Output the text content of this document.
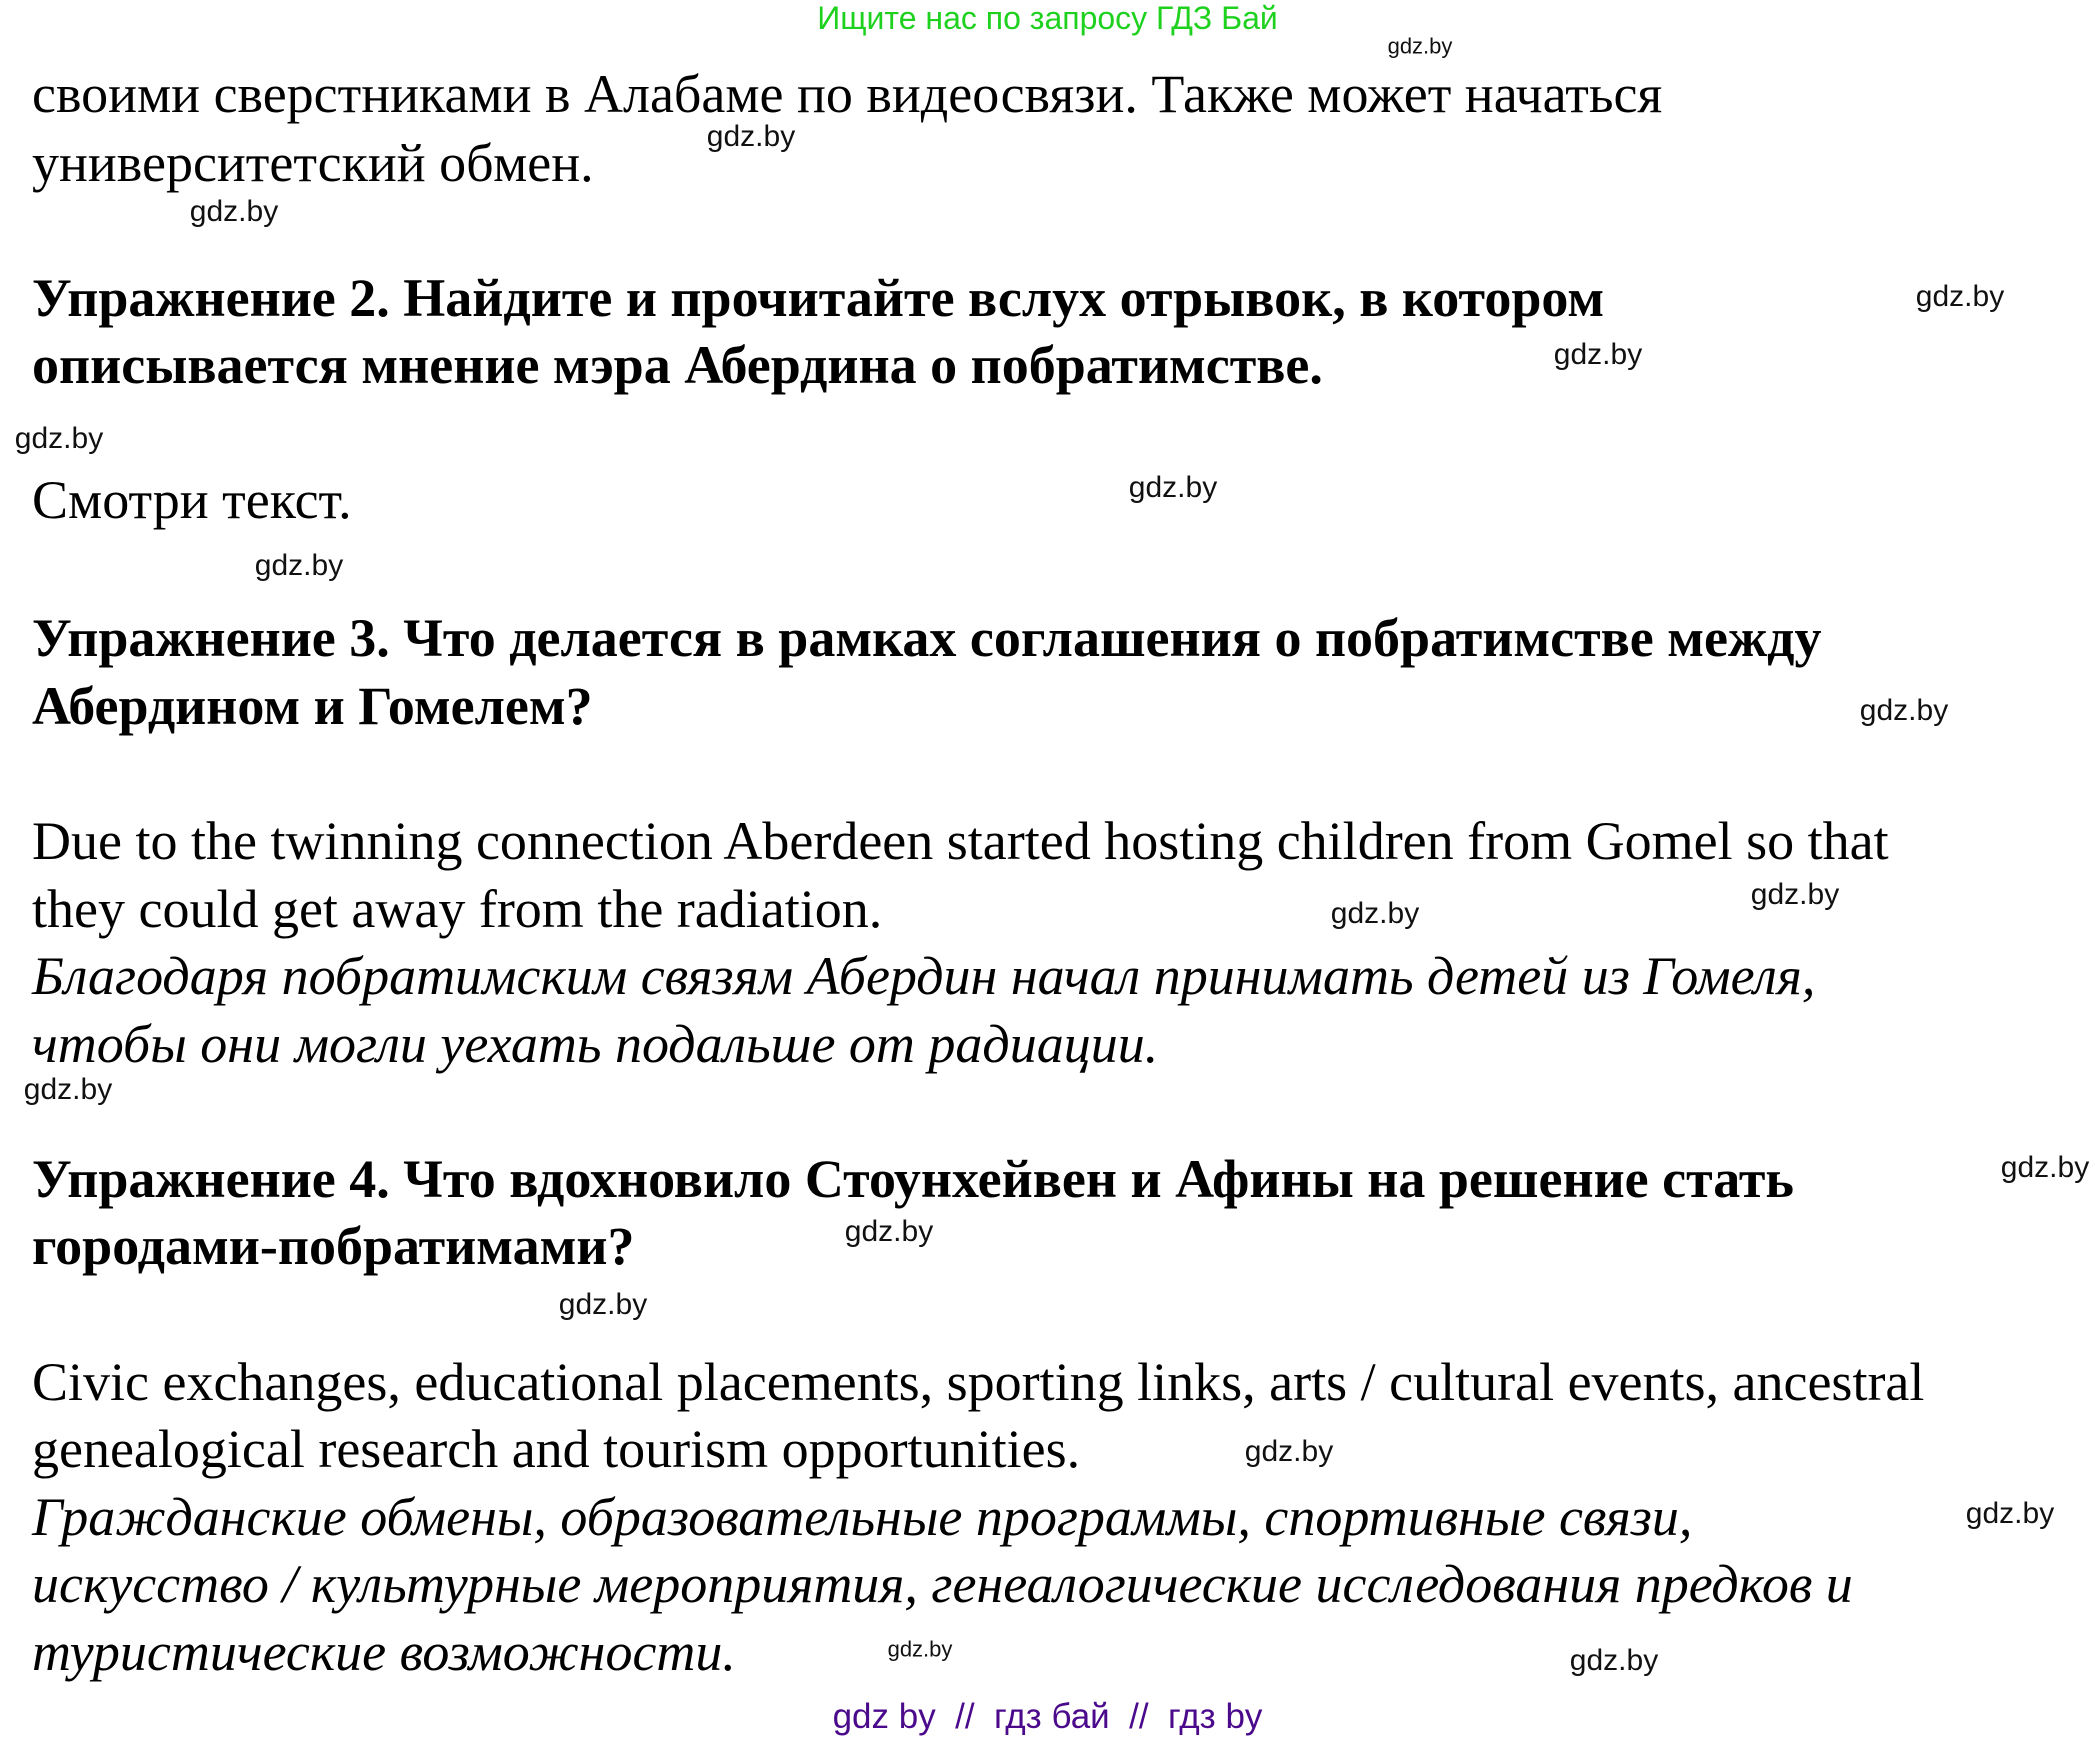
Ищите нас по запросу ГДЗ Бай
своими сверстниками в Алабаме по видеосвязи. Также может начаться
университетский обмен.
Упражнение 2. Найдите и прочитайте вслух отрывок, в котором
описывается мнение мэра Абердина о побратимстве.
Смотри текст.
Упражнение 3. Что делается в рамках соглашения о побратимстве между
Абердином и Гомелем?
Due to the twinning connection Aberdeen started hosting children from Gomel so that
they could get away from the radiation.
Благодаря побратимским связям Абердин начал принимать детей из Гомеля,
чтобы они могли уехать подальше от радиации.
Упражнение 4. Что вдохновило Стоунхейвен и Афины на решение стать
городами-побратимами?
Civic exchanges, educational placements, sporting links, arts / cultural events, ancestral
genealogical research and tourism opportunities.
Гражданские обмены, образовательные программы, спортивные связи,
искусство / культурные мероприятия, генеалогические исследования предков и
туристические возможности.
gdz.by
gdz.by
gdz.by
gdz.by
gdz.by
gdz.by
gdz.by
gdz.by
gdz.by
gdz.by
gdz.by
gdz.by
gdz.by
gdz.by
gdz.by
gdz.by
gdz.by
gdz.by	gdz.by
gdz by  //  гдз бай  //  гдз by
